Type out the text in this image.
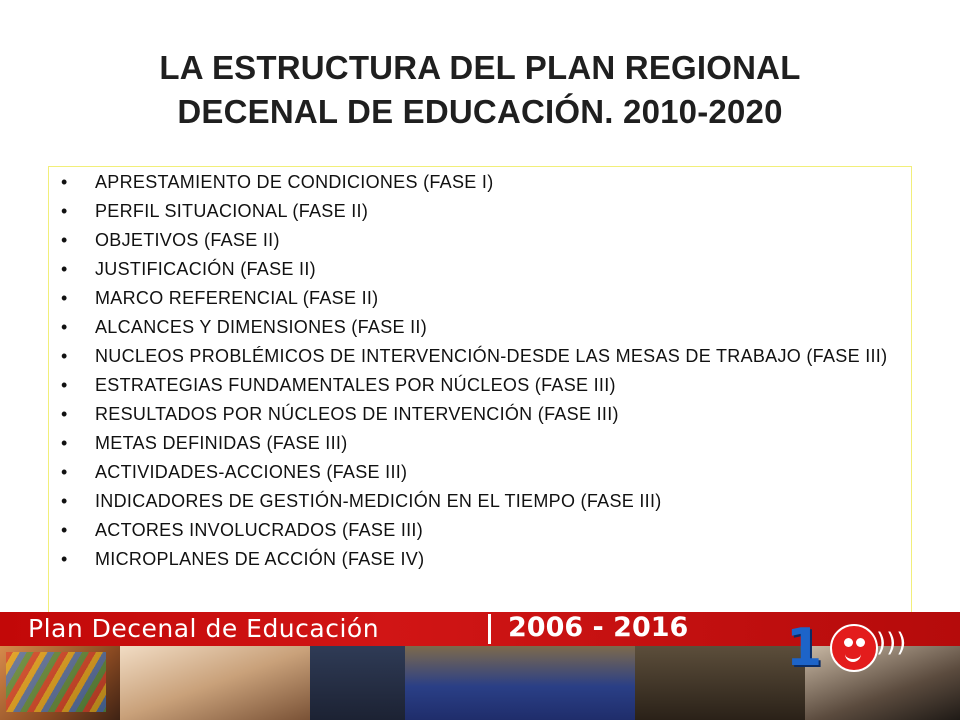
LA ESTRUCTURA DEL PLAN REGIONAL
DECENAL DE EDUCACIÓN. 2010-2020
• APRESTAMIENTO DE CONDICIONES (FASE I)
• PERFIL SITUACIONAL (FASE II)
• OBJETIVOS (FASE II)
• JUSTIFICACIÓN (FASE II)
• MARCO REFERENCIAL (FASE II)
• ALCANCES Y DIMENSIONES (FASE II)
• NUCLEOS PROBLÉMICOS DE INTERVENCIÓN-DESDE LAS MESAS DE TRABAJO (FASE III)
• ESTRATEGIAS FUNDAMENTALES POR NÚCLEOS (FASE III)
• RESULTADOS POR NÚCLEOS DE INTERVENCIÓN (FASE III)
• METAS DEFINIDAS (FASE III)
• ACTIVIDADES-ACCIONES (FASE III)
• INDICADORES DE GESTIÓN-MEDICIÓN EN EL TIEMPO (FASE III)
• ACTORES INVOLUCRADOS (FASE III)
• MICROPLANES DE ACCIÓN (FASE IV)
Plan Decenal de Educación	2006 - 2016 1 )))
